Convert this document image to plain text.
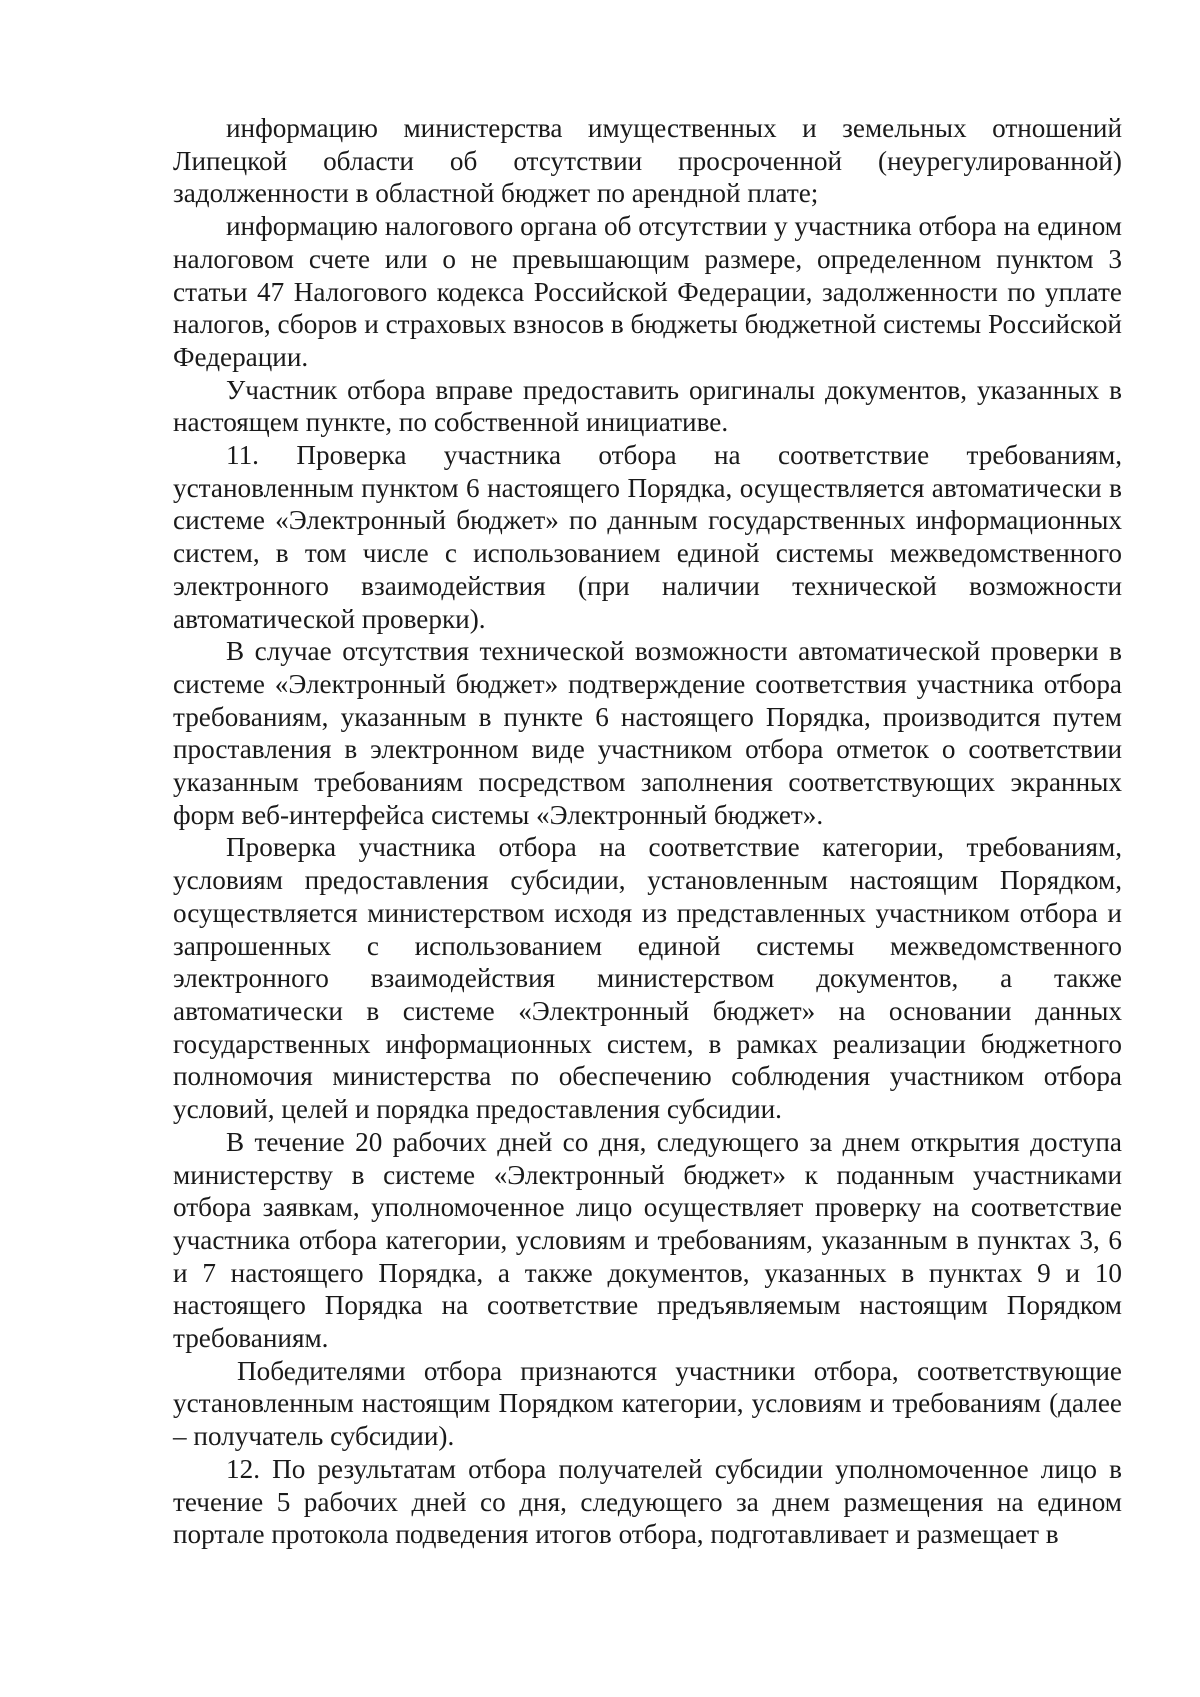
информацию министерства имущественных и земельных отношений Липецкой области об отсутствии просроченной (неурегулированной) задолженности в областной бюджет по арендной плате;

информацию налогового органа об отсутствии у участника отбора на едином налоговом счете или о не превышающим размере, определенном пунктом 3 статьи 47 Налогового кодекса Российской Федерации, задолженности по уплате налогов, сборов и страховых взносов в бюджеты бюджетной системы Российской Федерации.

Участник отбора вправе предоставить оригиналы документов, указанных в настоящем пункте, по собственной инициативе.

11. Проверка участника отбора на соответствие требованиям, установленным пунктом 6 настоящего Порядка, осуществляется автоматически в системе «Электронный бюджет» по данным государственных информационных систем, в том числе с использованием единой системы межведомственного электронного взаимодействия (при наличии технической возможности автоматической проверки).

В случае отсутствия технической возможности автоматической проверки в системе «Электронный бюджет» подтверждение соответствия участника отбора требованиям, указанным в пункте 6 настоящего Порядка, производится путем проставления в электронном виде участником отбора отметок о соответствии указанным требованиям посредством заполнения соответствующих экранных форм веб-интерфейса системы «Электронный бюджет».

Проверка участника отбора на соответствие категории, требованиям, условиям предоставления субсидии, установленным настоящим Порядком, осуществляется министерством исходя из представленных участником отбора и запрошенных с использованием единой системы межведомственного электронного взаимодействия министерством документов, а также автоматически в системе «Электронный бюджет» на основании данных государственных информационных систем, в рамках реализации бюджетного полномочия министерства по обеспечению соблюдения участником отбора условий, целей и порядка предоставления субсидии.

В течение 20 рабочих дней со дня, следующего за днем открытия доступа министерству в системе «Электронный бюджет» к поданным участниками отбора заявкам, уполномоченное лицо осуществляет проверку на соответствие участника отбора категории, условиям и требованиям, указанным в пунктах 3, 6 и 7 настоящего Порядка, а также документов, указанных в пунктах 9 и 10 настоящего Порядка на соответствие предъявляемым настоящим Порядком требованиям.

Победителями отбора признаются участники отбора, соответствующие установленным настоящим Порядком категории, условиям и требованиям (далее – получатель субсидии).

12. По результатам отбора получателей субсидии уполномоченное лицо в течение 5 рабочих дней со дня, следующего за днем размещения на едином портале протокола подведения итогов отбора, подготавливает и размещает в
